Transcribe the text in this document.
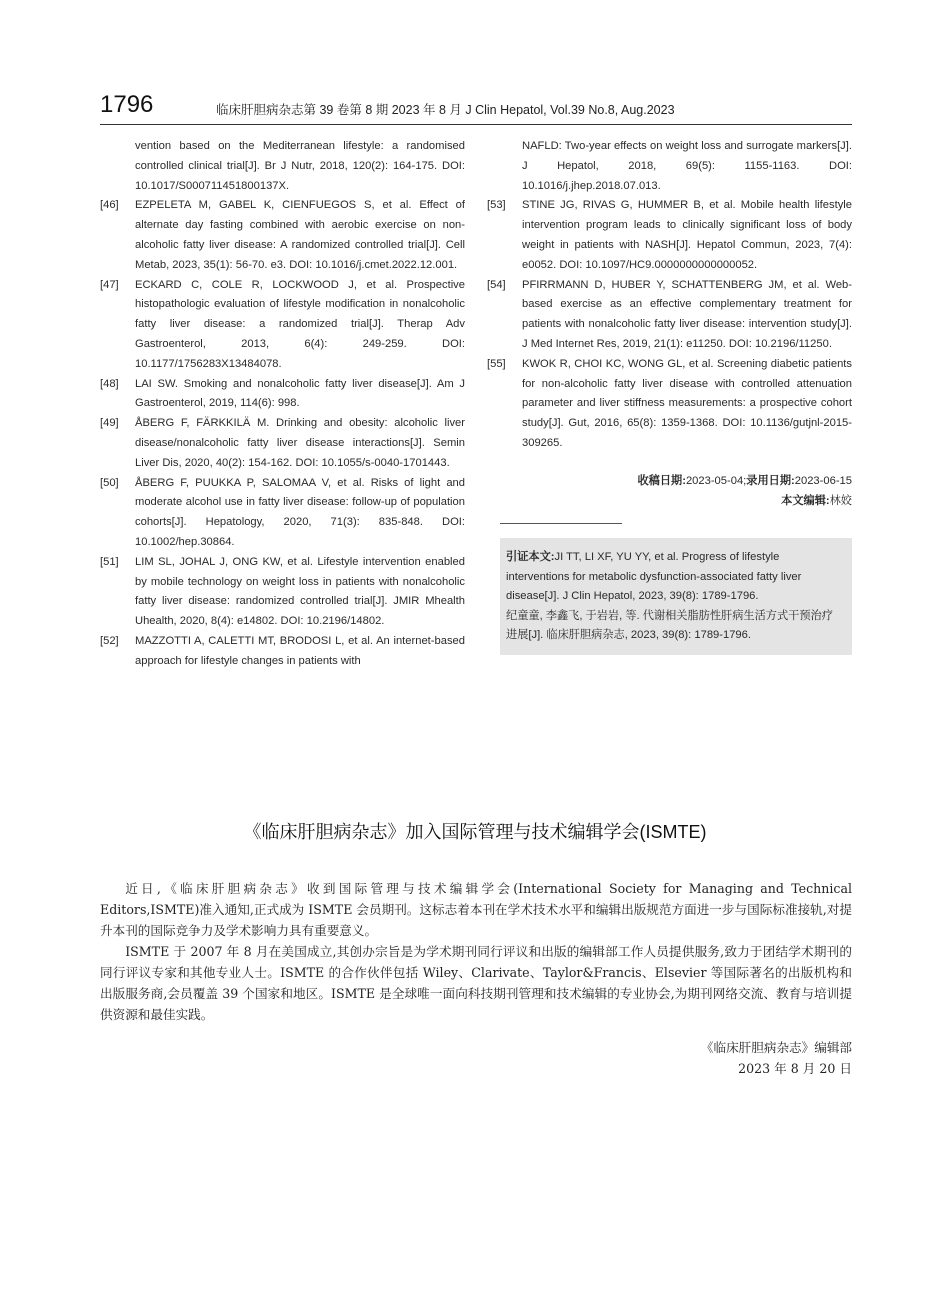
1796	临床肝胆病杂志第 39 卷第 8 期 2023 年 8 月 J Clin Hepatol, Vol.39 No.8, Aug.2023
vention based on the Mediterranean lifestyle: a randomised controlled clinical trial[J]. Br J Nutr, 2018, 120(2): 164-175. DOI: 10.1017/S000711451800137X.
[46] EZPELETA M, GABEL K, CIENFUEGOS S, et al. Effect of alternate day fasting combined with aerobic exercise on non-alcoholic fatty liver disease: A randomized controlled trial[J]. Cell Metab, 2023, 35(1): 56-70. e3. DOI: 10.1016/j.cmet.2022.12.001.
[47] ECKARD C, COLE R, LOCKWOOD J, et al. Prospective histopathologic evaluation of lifestyle modification in nonalcoholic fatty liver disease: a randomized trial[J]. Therap Adv Gastroenterol, 2013, 6(4): 249-259. DOI: 10.1177/1756283X13484078.
[48] LAI SW. Smoking and nonalcoholic fatty liver disease[J]. Am J Gastroenterol, 2019, 114(6): 998.
[49] ÅBERG F, FÄRKKILÄ M. Drinking and obesity: alcoholic liver disease/nonalcoholic fatty liver disease interactions[J]. Semin Liver Dis, 2020, 40(2): 154-162. DOI: 10.1055/s-0040-1701443.
[50] ÅBERG F, PUUKKA P, SALOMAA V, et al. Risks of light and moderate alcohol use in fatty liver disease: follow-up of population cohorts[J]. Hepatology, 2020, 71(3): 835-848. DOI: 10.1002/hep.30864.
[51] LIM SL, JOHAL J, ONG KW, et al. Lifestyle intervention enabled by mobile technology on weight loss in patients with nonalcoholic fatty liver disease: randomized controlled trial[J]. JMIR Mhealth Uhealth, 2020, 8(4): e14802. DOI: 10.2196/14802.
[52] MAZZOTTI A, CALETTI MT, BRODOSI L, et al. An internet-based approach for lifestyle changes in patients with
NAFLD: Two-year effects on weight loss and surrogate markers[J]. J Hepatol, 2018, 69(5): 1155-1163. DOI: 10.1016/j.jhep.2018.07.013.
[53] STINE JG, RIVAS G, HUMMER B, et al. Mobile health lifestyle intervention program leads to clinically significant loss of body weight in patients with NASH[J]. Hepatol Commun, 2023, 7(4): e0052. DOI: 10.1097/HC9.0000000000000052.
[54] PFIRRMANN D, HUBER Y, SCHATTENBERG JM, et al. Web-based exercise as an effective complementary treatment for patients with nonalcoholic fatty liver disease: intervention study[J]. J Med Internet Res, 2019, 21(1): e11250. DOI: 10.2196/11250.
[55] KWOK R, CHOI KC, WONG GL, et al. Screening diabetic patients for non-alcoholic fatty liver disease with controlled attenuation parameter and liver stiffness measurements: a prospective cohort study[J]. Gut, 2016, 65(8): 1359-1368. DOI: 10.1136/gutjnl-2015-309265.
收稿日期:2023-05-04;录用日期:2023-06-15
本文编辑:林姣
引证本文:JI TT, LI XF, YU YY, et al. Progress of lifestyle interventions for metabolic dysfunction-associated fatty liver disease[J]. J Clin Hepatol, 2023, 39(8): 1789-1796.
纪童童, 李鑫飞, 于岩岩, 等. 代谢相关脂肪性肝病生活方式干预治疗进展[J]. 临床肝胆病杂志, 2023, 39(8): 1789-1796.
《临床肝胆病杂志》加入国际管理与技术编辑学会(ISMTE)

近日,《临床肝胆病杂志》收到国际管理与技术编辑学会(International Society for Managing and Technical Editors,ISMTE)准入通知,正式成为 ISMTE 会员期刊。这标志着本刊在学术技术水平和编辑出版规范方面进一步与国际标准接轨,对提升本刊的国际竞争力及学术影响力具有重要意义。

ISMTE 于 2007 年 8 月在美国成立,其创办宗旨是为学术期刊同行评议和出版的编辑部工作人员提供服务,致力于团结学术期刊的同行评议专家和其他专业人士。ISMTE 的合作伙伴包括 Wiley、Clarivate、Taylor&Francis、Elsevier 等国际著名的出版机构和出版服务商,会员覆盖 39 个国家和地区。ISMTE 是全球唯一面向科技期刊管理和技术编辑的专业协会,为期刊网络交流、教育与培训提供资源和最佳实践。

《临床肝胆病杂志》编辑部
2023 年 8 月 20 日
